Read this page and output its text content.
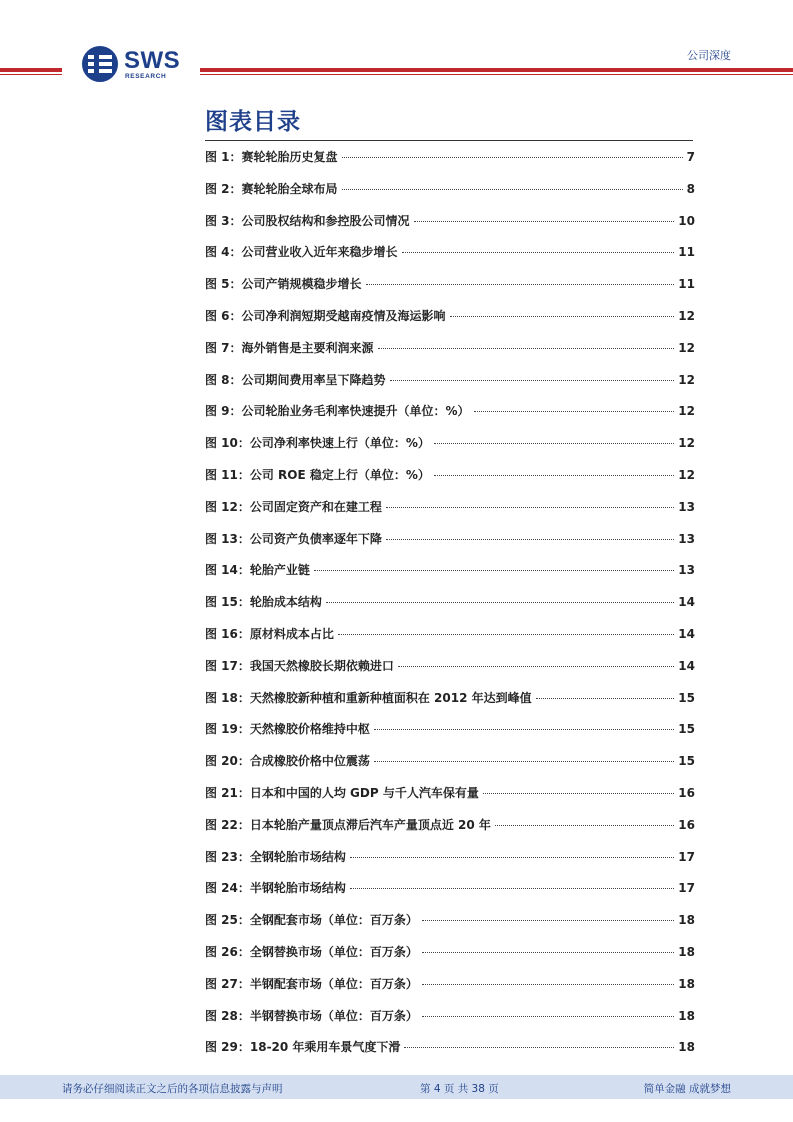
SWS
RESEARCH
公司深度
图表目录
图 1：赛轮轮胎历史复盘	7
图 2：赛轮轮胎全球布局	8
图 3：公司股权结构和参控股公司情况	10
图 4：公司营业收入近年来稳步增长	11
图 5：公司产销规模稳步增长	11
图 6：公司净利润短期受越南疫情及海运影响	12
图 7：海外销售是主要利润来源	12
图 8：公司期间费用率呈下降趋势	12
图 9：公司轮胎业务毛利率快速提升（单位：%）	12
图 10：公司净利率快速上行（单位：%）	12
图 11：公司 ROE 稳定上行（单位：%）	12
图 12：公司固定资产和在建工程	13
图 13：公司资产负债率逐年下降	13
图 14：轮胎产业链	13
图 15：轮胎成本结构	14
图 16：原材料成本占比	14
图 17：我国天然橡胶长期依赖进口	14
图 18：天然橡胶新种植和重新种植面积在 2012 年达到峰值	15
图 19：天然橡胶价格维持中枢	15
图 20：合成橡胶价格中位震荡	15
图 21：日本和中国的人均 GDP 与千人汽车保有量	16
图 22：日本轮胎产量顶点滞后汽车产量顶点近 20 年	16
图 23：全钢轮胎市场结构	17
图 24：半钢轮胎市场结构	17
图 25：全钢配套市场（单位：百万条）	18
图 26：全钢替换市场（单位：百万条）	18
图 27：半钢配套市场（单位：百万条）	18
图 28：半钢替换市场（单位：百万条）	18
图 29：18-20 年乘用车景气度下滑	18
请务必仔细阅读正文之后的各项信息披露与声明	第 4 页 共 38 页	简单金融 成就梦想
